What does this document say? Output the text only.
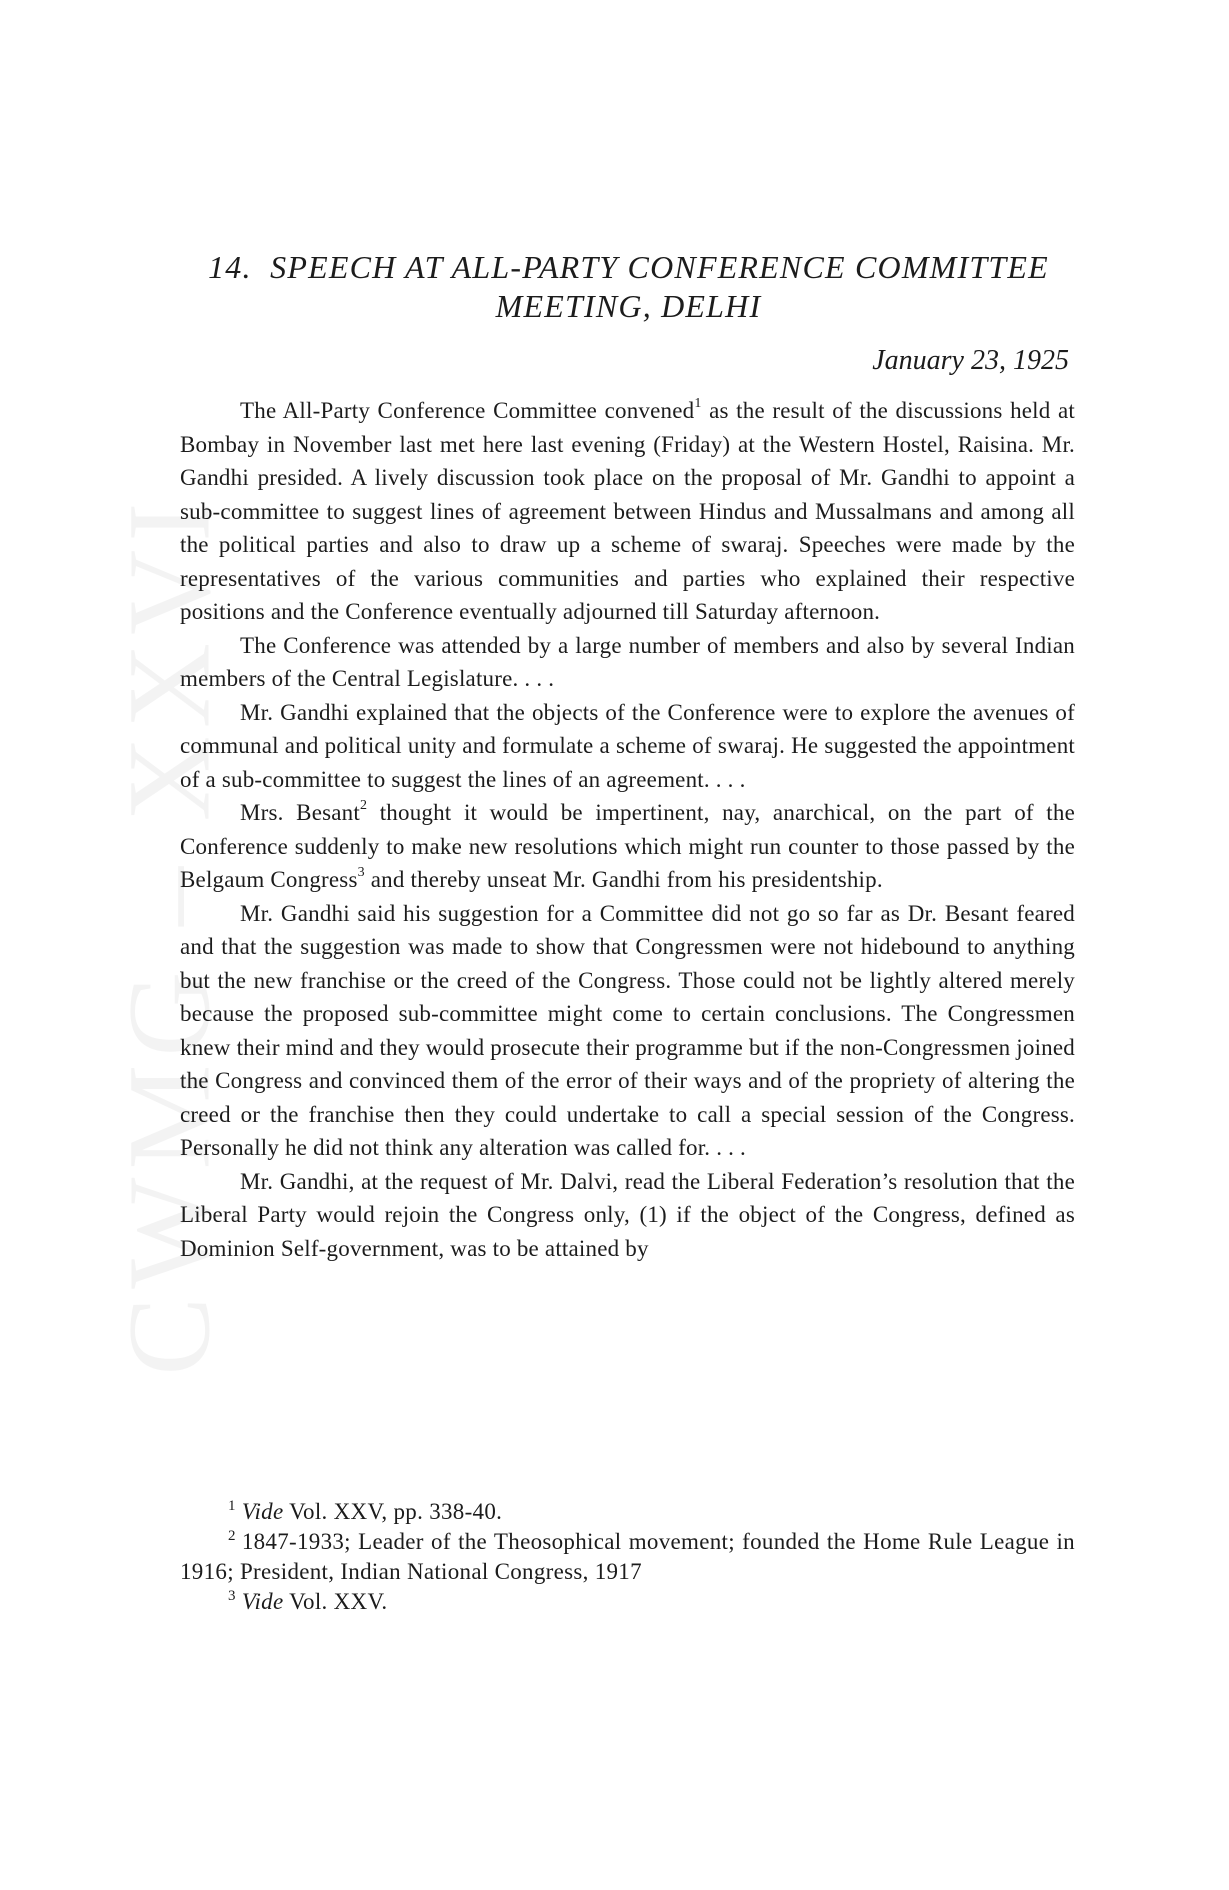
14. SPEECH AT ALL-PARTY CONFERENCE COMMITTEE
MEETING, DELHI
January 23, 1925

The All-Party Conference Committee convened$^1$ as the result of the discussions held at Bombay in November last met here last evening (Friday) at the Western Hostel, Raisina. Mr. Gandhi presided. A lively discussion took place on the proposal of Mr. Gandhi to appoint a sub-committee to suggest lines of agreement between Hindus and Mussalmans and among all the political parties and also to draw up a scheme of swaraj. Speeches were made by the representatives of the various communities and parties who explained their respective positions and the Conference eventually adjourned till Saturday afternoon.

The Conference was attended by a large number of members and also by several Indian members of the Central Legislature. . . .

Mr. Gandhi explained that the objects of the Conference were to explore the avenues of communal and political unity and formulate a scheme of swaraj. He suggested the appointment of a sub-committee to suggest the lines of an agreement. . . .

Mrs. Besant$^2$ thought it would be impertinent, nay, anarchical, on the part of the Conference suddenly to make new resolutions which might run counter to those passed by the Belgaum Congress$^3$ and thereby unseat Mr. Gandhi from his presidentship.

Mr. Gandhi said his suggestion for a Committee did not go so far as Dr. Besant feared and that the suggestion was made to show that Congressmen were not hidebound to anything but the new franchise or the creed of the Congress. Those could not be lightly altered merely because the proposed sub-committee might come to certain conclusions. The Congressmen knew their mind and they would prosecute their programme but if the non-Congressmen joined the Congress and convinced them of the error of their ways and of the propriety of altering the creed or the franchise then they could undertake to call a special session of the Congress. Personally he did not think any alteration was called for. . . .

Mr. Gandhi, at the request of Mr. Dalvi, read the Liberal Federation’s resolution that the Liberal Party would rejoin the Congress only, (1) if the object of the Congress, defined as Dominion Self-government, was to be attained by

$^1$ Vide Vol. XXV, pp. 338-40.

$^2$ 1847-1933; Leader of the Theosophical movement; founded the Home Rule League in 1916; President, Indian National Congress, 1917

$^3$ Vide Vol. XXV.
